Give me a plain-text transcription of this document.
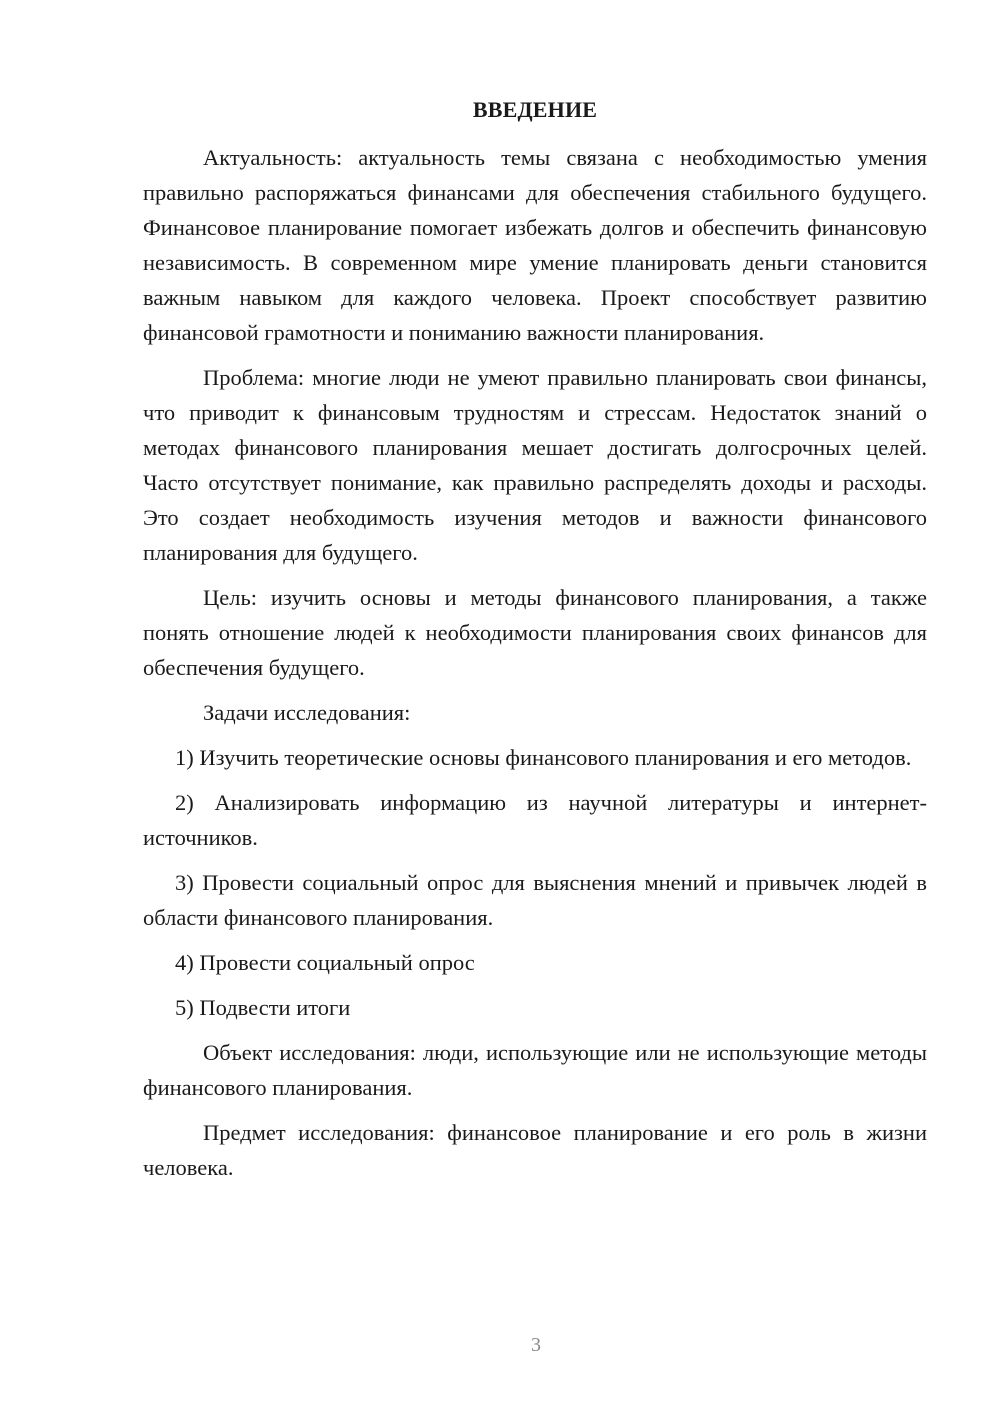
ВВЕДЕНИЕ

Актуальность: актуальность темы связана с необходимостью умения правильно распоряжаться финансами для обеспечения стабильного будущего. Финансовое планирование помогает избежать долгов и обеспечить финансовую независимость. В современном мире умение планировать деньги становится важным навыком для каждого человека. Проект способствует развитию финансовой грамотности и пониманию важности планирования.

Проблема: многие люди не умеют правильно планировать свои финансы, что приводит к финансовым трудностям и стрессам. Недостаток знаний о методах финансового планирования мешает достигать долгосрочных целей. Часто отсутствует понимание, как правильно распределять доходы и расходы. Это создает необходимость изучения методов и важности финансового планирования для будущего.

Цель: изучить основы и методы финансового планирования, а также понять отношение людей к необходимости планирования своих финансов для обеспечения будущего.

Задачи исследования:

1) Изучить теоретические основы финансового планирования и его методов.

2) Анализировать информацию из научной литературы и интернет-источников.

3) Провести социальный опрос для выяснения мнений и привычек людей в области финансового планирования.

4) Провести социальный опрос

5) Подвести итоги

Объект исследования: люди, использующие или не использующие методы финансового планирования.

Предмет исследования: финансовое планирование и его роль в жизни человека.

3
